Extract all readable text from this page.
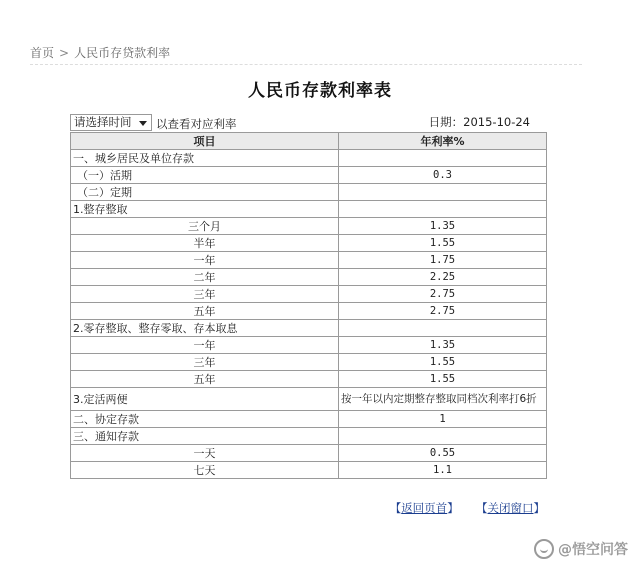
首页 > 人民币存贷款利率
人民币存款利率表
请选择时间	以查看对应利率	日期：2015-10-24
项目	年利率%
一、城乡居民及单位存款	
（一）活期	0.3
（二）定期	
1.整存整取	
三个月	1.35
半年	1.55
一年	1.75
二年	2.25
三年	2.75
五年	2.75
2.零存整取、整存零取、存本取息	
一年	1.35
三年	1.55
五年	1.55
3.定活两便	按一年以内定期整存整取同档次利率打6折
二、协定存款	1
三、通知存款	
一天	0.55
七天	1.1
【返回页首】 【关闭窗口】
@悟空问答
